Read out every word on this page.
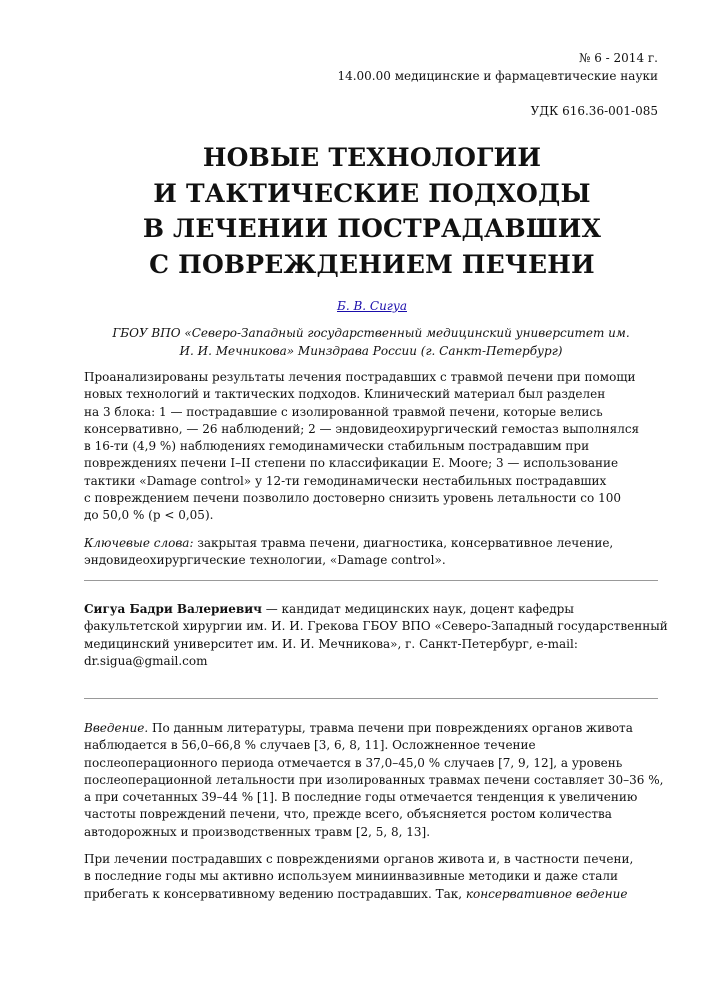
№ 6 - 2014 г.
14.00.00 медицинские и фармацевтические науки
УДК 616.36-001-085
НОВЫЕ ТЕХНОЛОГИИ
И ТАКТИЧЕСКИЕ ПОДХОДЫ
В ЛЕЧЕНИИ ПОСТРАДАВШИХ
С ПОВРЕЖДЕНИЕМ ПЕЧЕНИ
Б. В. Сигуа
ГБОУ ВПО «Северо-Западный государственный медицинский университет им.
И. И. Мечникова» Минздрава России (г. Санкт-Петербург)
Проанализированы результаты лечения пострадавших с травмой печени при помощи
новых технологий и тактических подходов. Клинический материал был разделен
на 3 блока: 1 — пострадавшие с изолированной травмой печени, которые велись
консервативно, — 26 наблюдений; 2 — эндовидеохирургический гемостаз выполнялся
в 16-ти (4,9 %) наблюдениях гемодинамически стабильным пострадавшим при
повреждениях печени I–II степени по классификации E. Moore; 3 — использование
тактики «Damage control» у 12-ти гемодинамически нестабильных пострадавших
с повреждением печени позволило достоверно снизить уровень летальности со 100
до 50,0 % (р < 0,05).
Ключевые слова: закрытая травма печени, диагностика, консервативное лечение,
эндовидеохирургические технологии, «Damage control».
Сигуа Бадри Валериевич — кандидат медицинских наук, доцент кафедры
факультетской хирургии им. И. И. Грекова ГБОУ ВПО «Северо-Западный государственный
медицинский университет им. И. И. Мечникова», г. Санкт-Петербург, e-mail:
dr.sigua@gmail.com
Введение. По данным литературы, травма печени при повреждениях органов живота
наблюдается в 56,0–66,8 % случаев [3, 6, 8, 11]. Осложненное течение
послеоперационного периода отмечается в 37,0–45,0 % случаев [7, 9, 12], а уровень
послеоперационной летальности при изолированных травмах печени составляет 30–36 %,
а при сочетанных 39–44 % [1]. В последние годы отмечается тенденция к увеличению
частоты повреждений печени, что, прежде всего, объясняется ростом количества
автодорожных и производственных травм [2, 5, 8, 13].
При лечении пострадавших с повреждениями органов живота и, в частности печени,
в последние годы мы активно используем миниинвазивные методики и даже стали
прибегать к консервативному ведению пострадавших. Так, консервативное ведение
